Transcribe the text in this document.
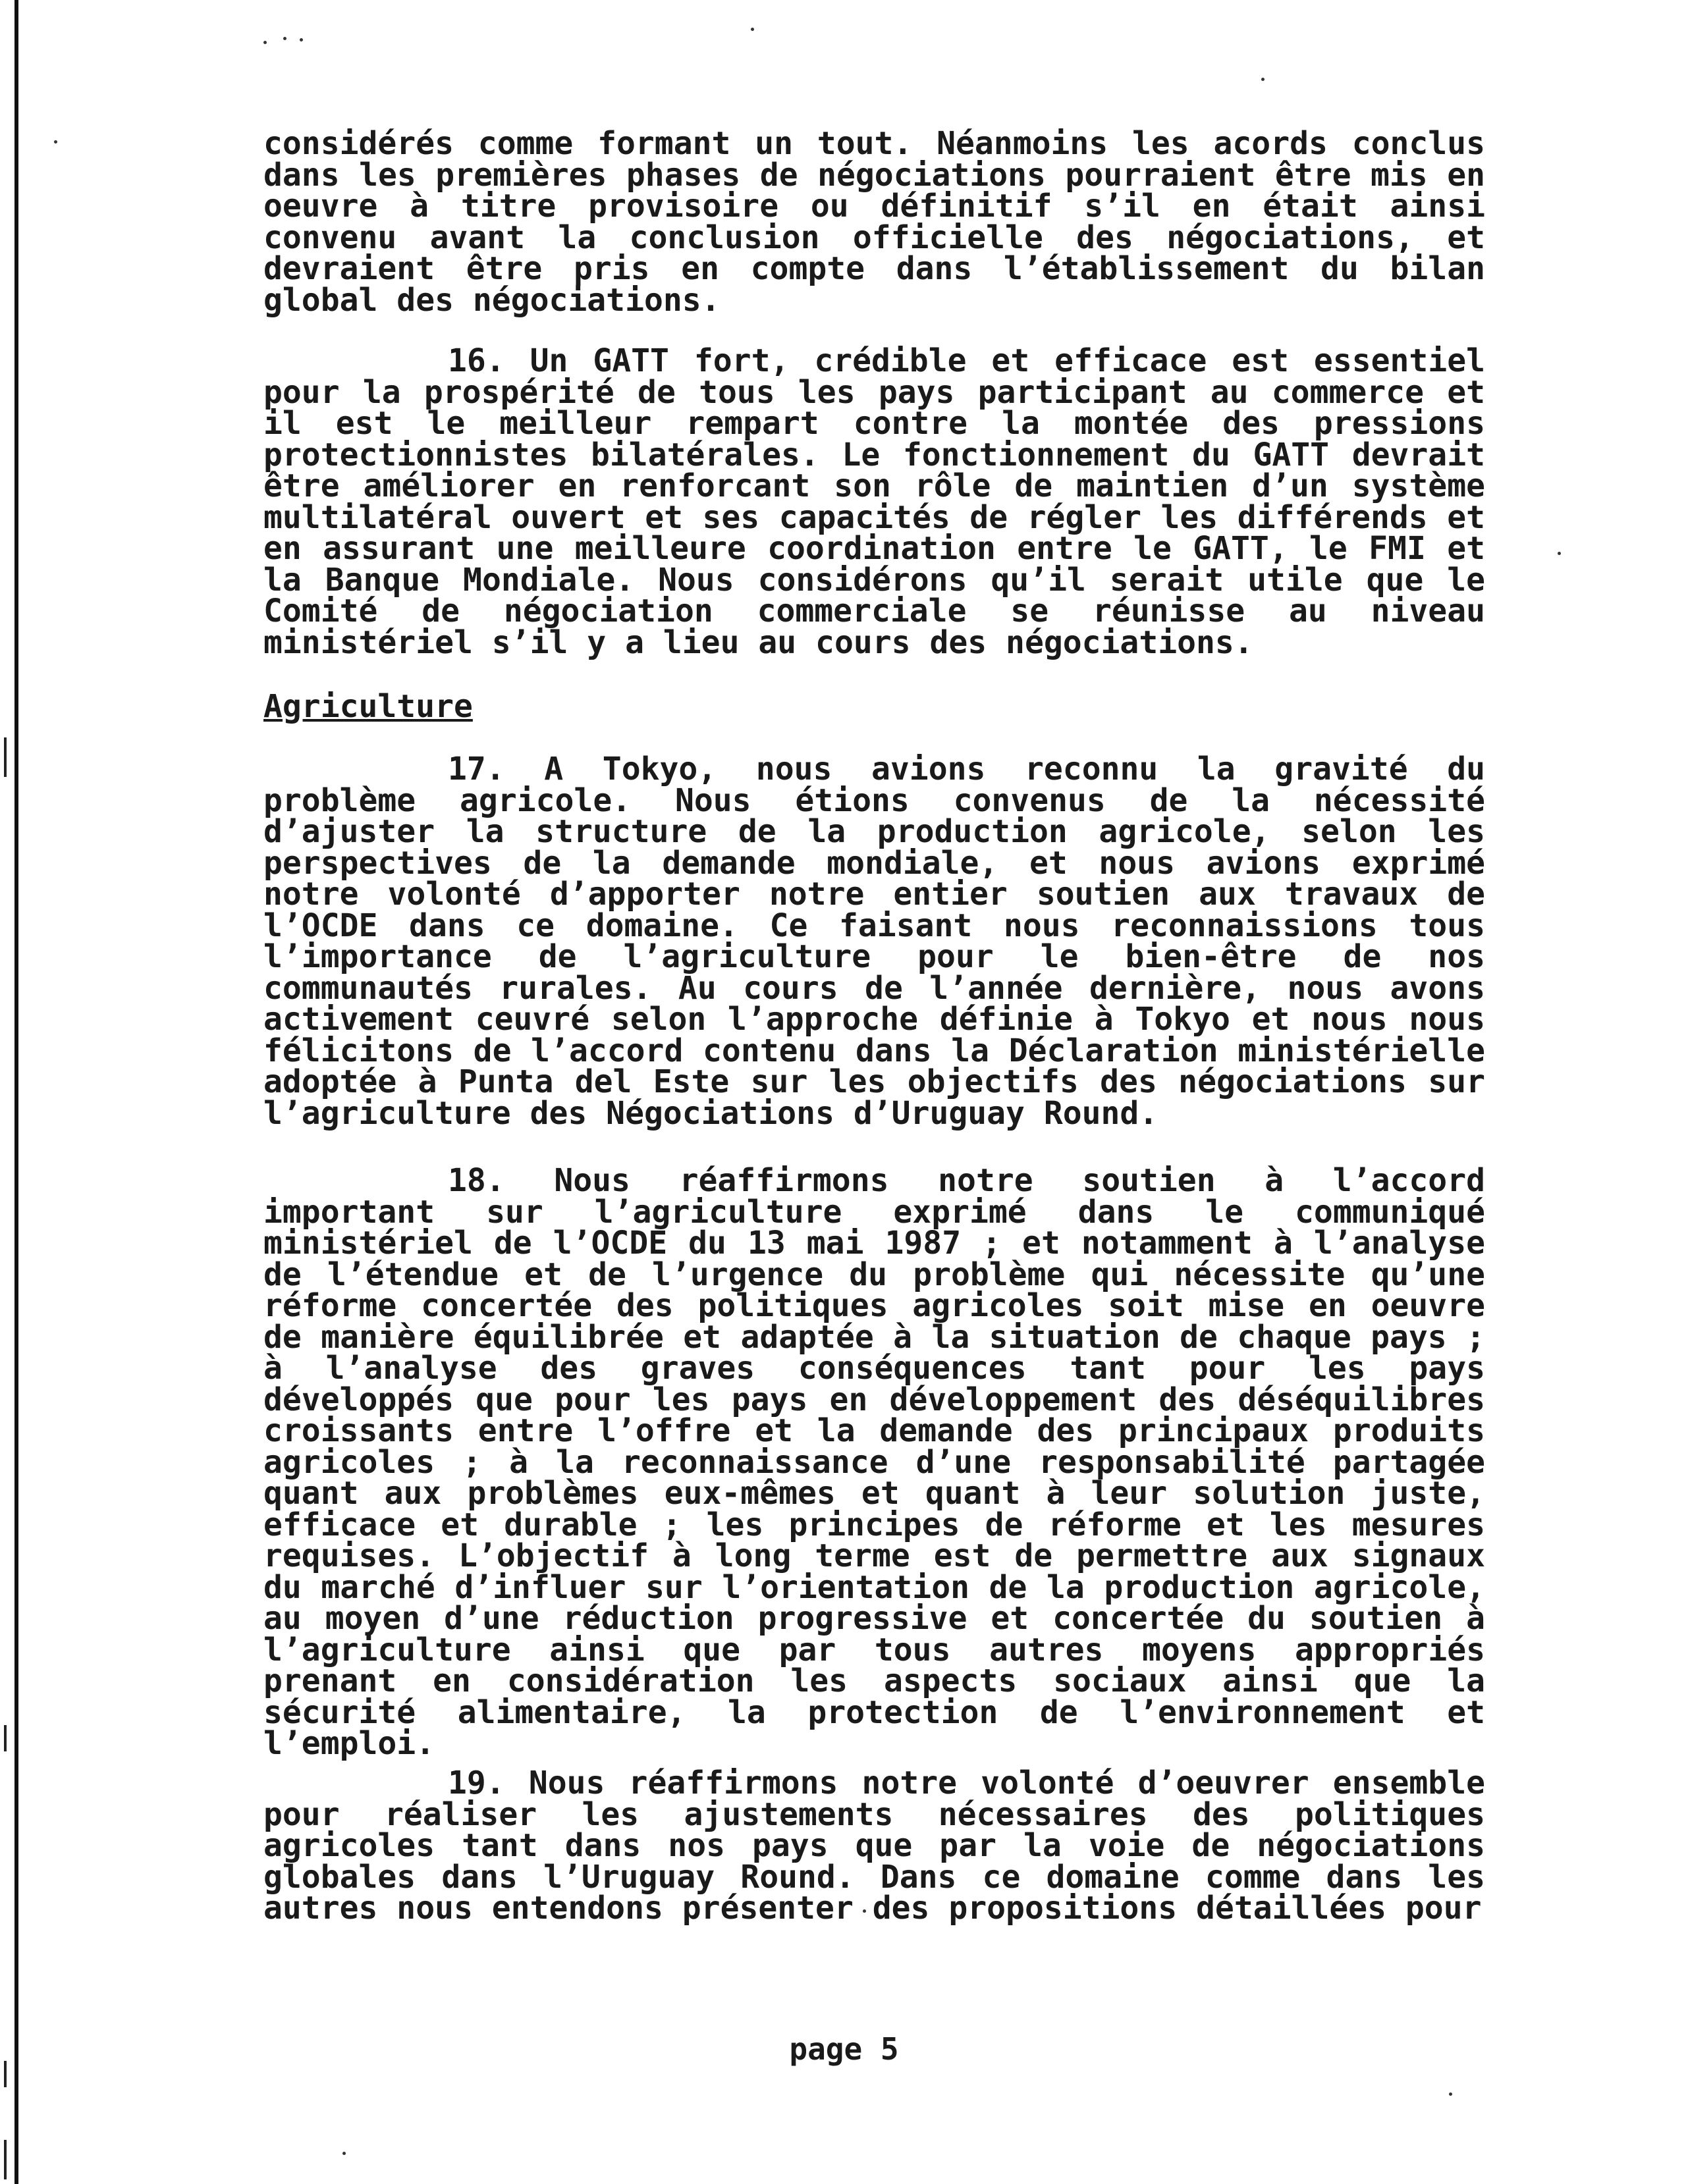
considérés comme formant un tout. Néanmoins les acords conclus dans les premières phases de négociations pourraient être mis en oeuvre à titre provisoire ou définitif s’il en était ainsi convenu avant la conclusion officielle des négociations, et devraient être pris en compte dans l’établissement du bilan global des négociations.

16. Un GATT fort, crédible et efficace est essentiel pour la prospérité de tous les pays participant au commerce et il est le meilleur rempart contre la montée des pressions protectionnistes bilatérales. Le fonctionnement du GATT devrait être améliorer en renforcant son rôle de maintien d’un système multilatéral ouvert et ses capacités de régler les différends et en assurant une meilleure coordination entre le GATT, le FMI et la Banque Mondiale. Nous considérons qu’il serait utile que le Comité de négociation commerciale se réunisse au niveau ministériel s’il y a lieu au cours des négociations.

Agriculture

17. A Tokyo, nous avions reconnu la gravité du problème agricole. Nous étions convenus de la nécessité d’ajuster la structure de la production agricole, selon les perspectives de la demande mondiale, et nous avions exprimé notre volonté d’apporter notre entier soutien aux travaux de l’OCDE dans ce domaine. Ce faisant nous reconnaissions tous l’importance de l’agriculture pour le bien-être de nos communautés rurales. Au cours de l’année dernière, nous avons activement ceuvré selon l’approche définie à Tokyo et nous nous félicitons de l’accord contenu dans la Déclaration ministérielle adoptée à Punta del Este sur les objectifs des négociations sur l’agriculture des Négociations d’Uruguay Round.

18. Nous réaffirmons notre soutien à l’accord important sur l’agriculture exprimé dans le communiqué ministériel de l’OCDE du 13 mai 1987 ; et notamment à l’analyse de l’étendue et de l’urgence du problème qui nécessite qu’une réforme concertée des politiques agricoles soit mise en oeuvre de manière équilibrée et adaptée à la situation de chaque pays ; à l’analyse des graves conséquences tant pour les pays développés que pour les pays en développement des déséquilibres croissants entre l’offre et la demande des principaux produits agricoles ; à la reconnaissance d’une responsabilité partagée quant aux problèmes eux-mêmes et quant à leur solution juste, efficace et durable ; les principes de réforme et les mesures requises. L’objectif à long terme est de permettre aux signaux du marché d’influer sur l’orientation de la production agricole, au moyen d’une réduction progressive et concertée du soutien à l’agriculture ainsi que par tous autres moyens appropriés prenant en considération les aspects sociaux ainsi que la sécurité alimentaire, la protection de l’environnement et l’emploi.

19. Nous réaffirmons notre volonté d’oeuvrer ensemble pour réaliser les ajustements nécessaires des politiques agricoles tant dans nos pays que par la voie de négociations globales dans l’Uruguay Round. Dans ce domaine comme dans les autres nous entendons présenter des propositions détaillées pour

page 5
